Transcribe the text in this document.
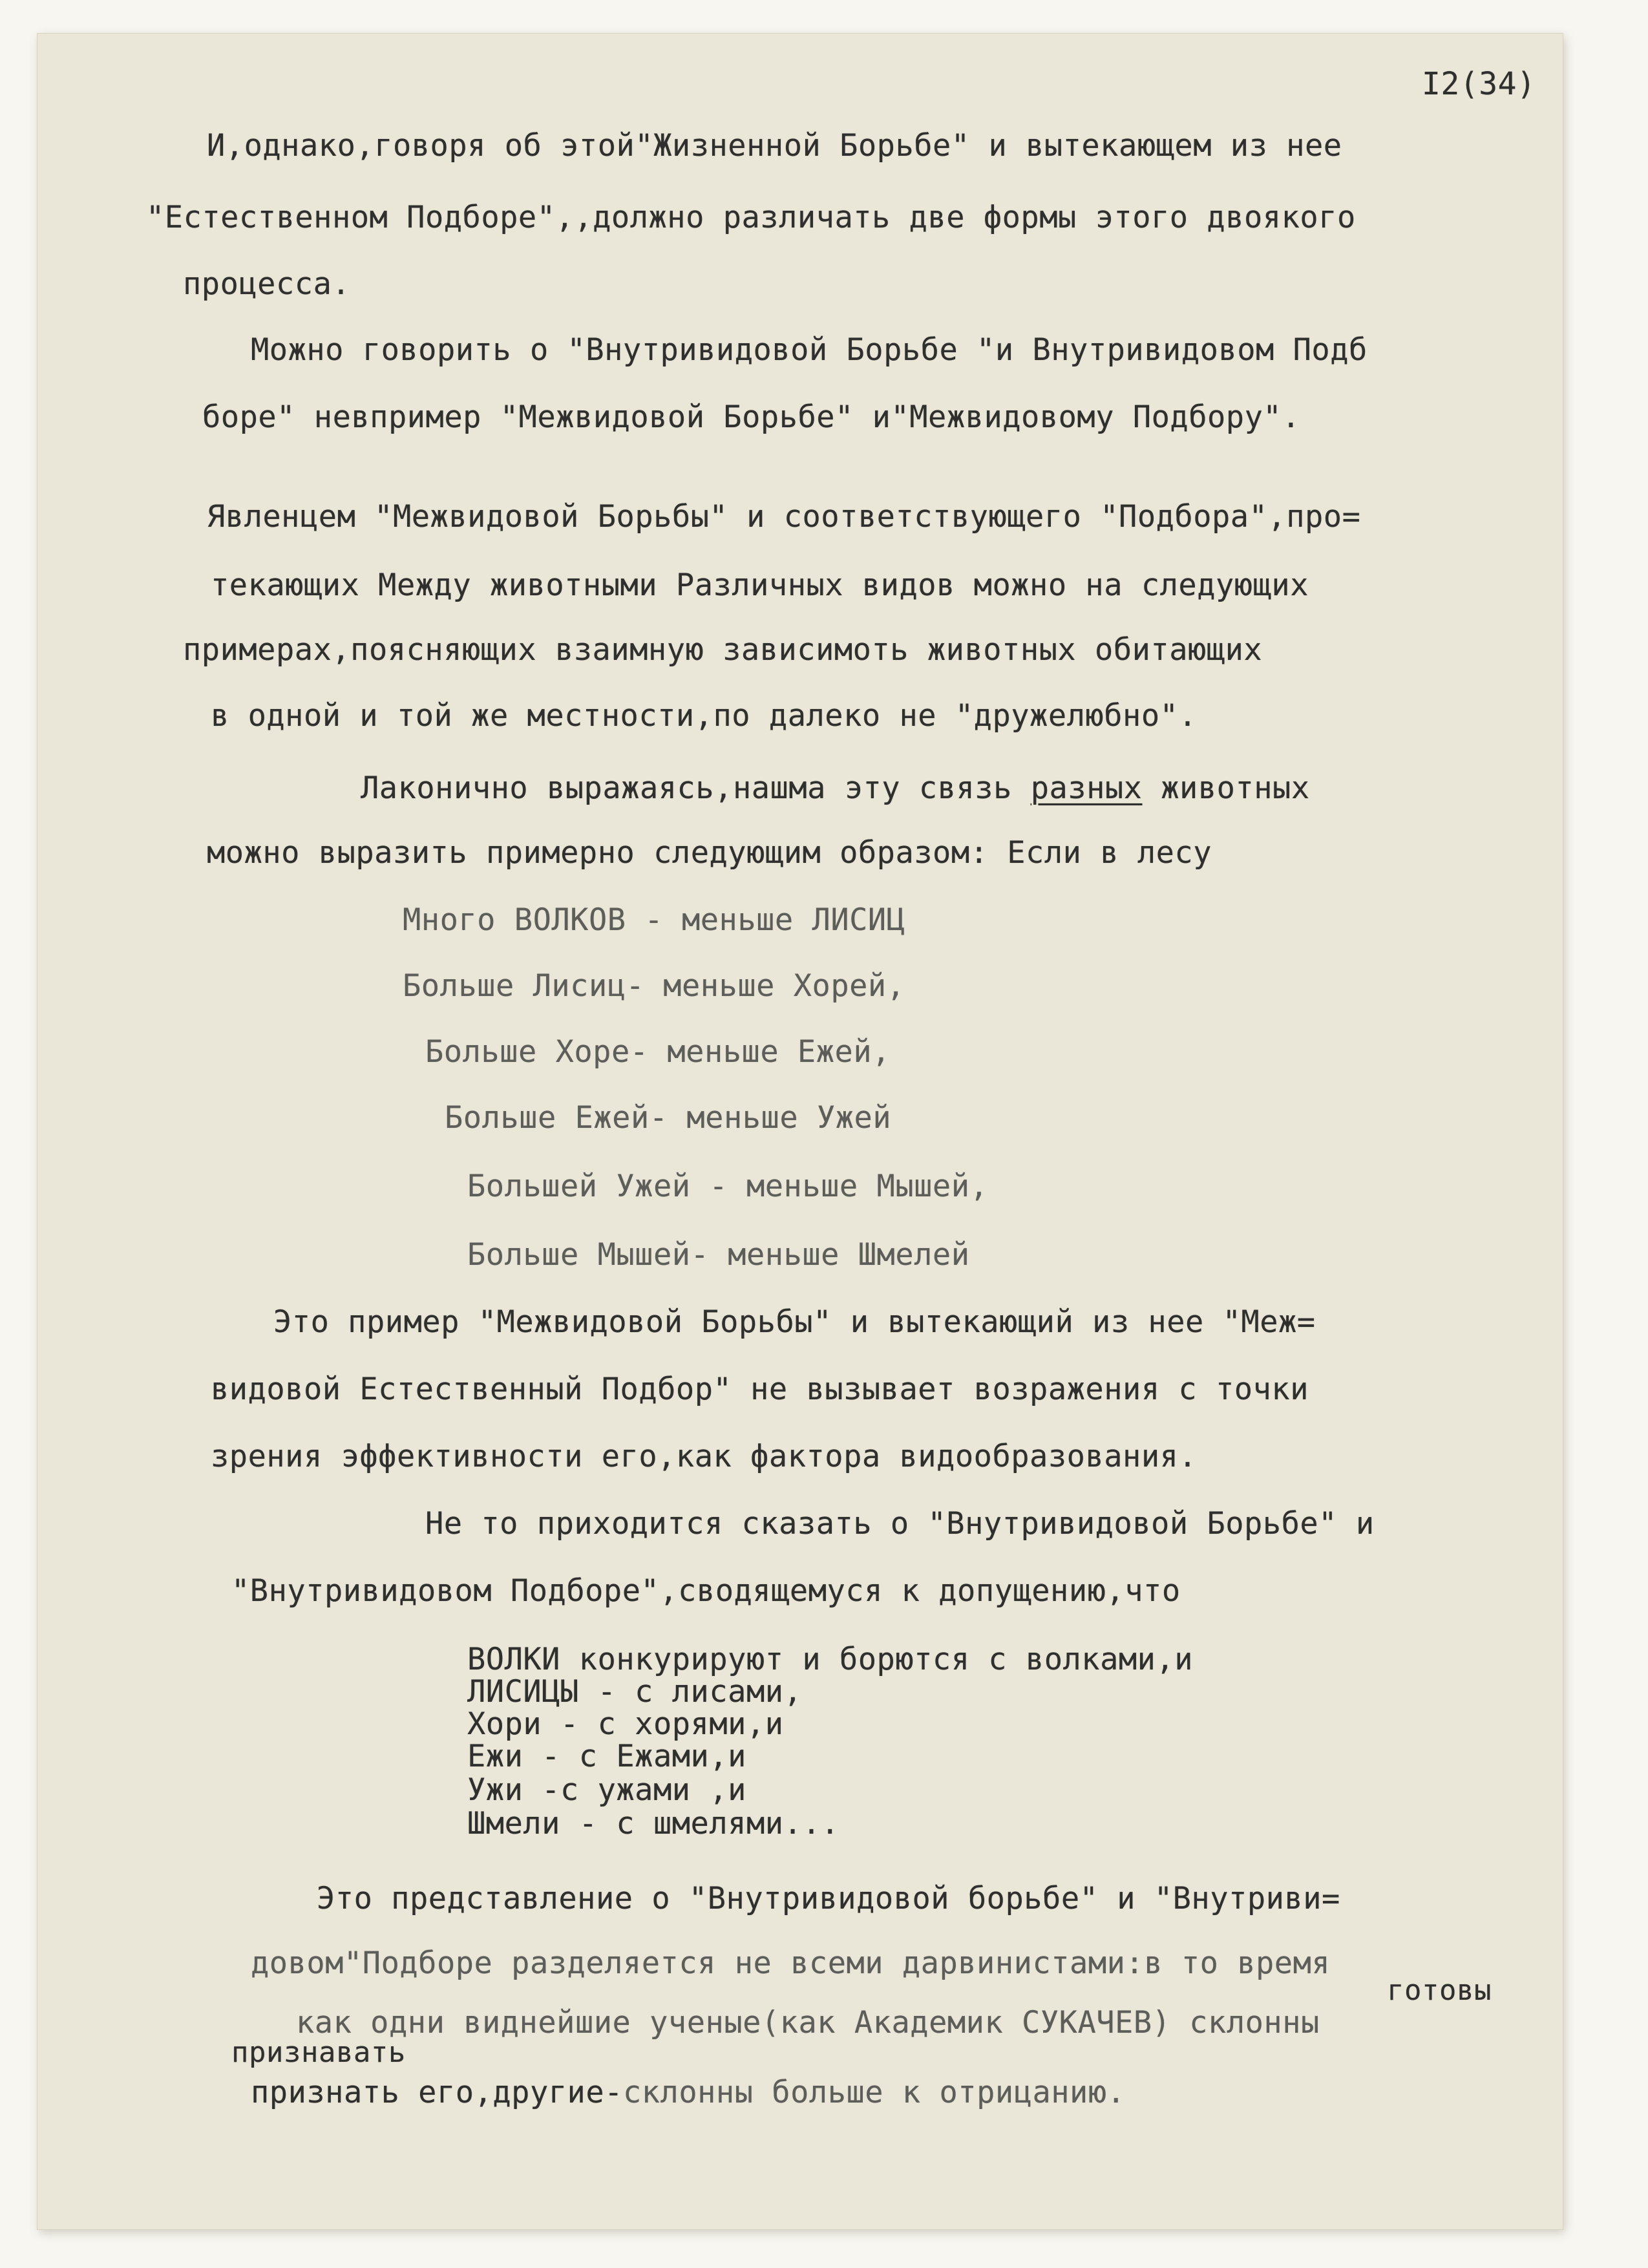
I2(34)
И,однако,говоря об этой"Жизненной Борьбе" и вытекающем из нее
"Естественном Подборе",,должно различать две формы этого двоякого
процесса.
Можно говорить о "Внутривидовой Борьбе "и Внутривидовом Подб
боре" невпример "Межвидовой Борьбе" и"Межвидовому Подбору".
Явленцем "Межвидовой Борьбы" и соответствующего "Подбора",про=
текающих Между животными Различных видов можно на следующих
примерах,поясняющих взаимную зависимоть животных обитающих
в одной и той же местности,по далеко не "дружелюбно".
Лаконично выражаясь,нашма эту связь разных животных
можно выразить примерно следующим образом: Если в лесу
Много ВОЛКОВ - меньше ЛИСИЦ
Больше Лисиц- меньше Хорей,
Больше Хоре- меньше Ежей,
Больше Ежей- меньше Ужей
Большей Ужей - меньше Мышей,
Больше Мышей- меньше Шмелей
Это пример "Межвидовой Борьбы" и вытекающий из нее "Меж=
видовой Естественный Подбор" не вызывает возражения с точки
зрения эффективности его,как фактора видообразования.
Не то приходится сказать о "Внутривидовой Борьбе" и
"Внутривидовом Подборе",сводящемуся к допущению,что
ВОЛКИ конкурируют и борются с волками,и
ЛИСИЦЫ - с лисами,
Хори - с хорями,и
Ежи - с Ежами,и
Ужи -с ужами ,и
Шмели - с шмелями...
Это представление о "Внутривидовой борьбе" и "Внутриви=
довом"Подборе разделяется не всеми дарвинистами:в то время
готовы
как одни виднейшие ученые(как Академик СУКАЧЕВ) склонны
признавать
признать его,другие-склонны больше к отрицанию.
